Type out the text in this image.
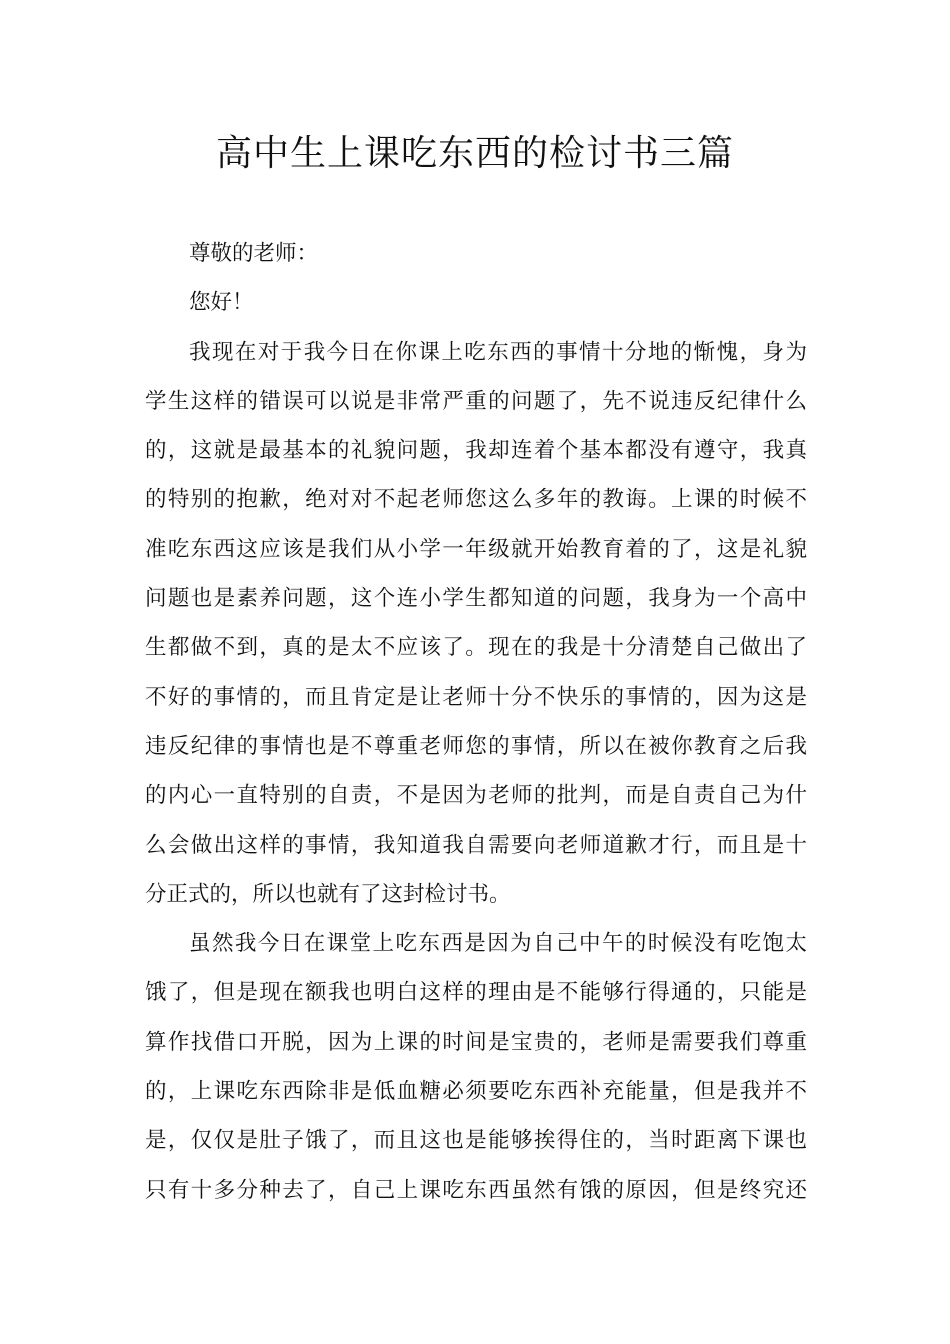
高中生上课吃东西的检讨书三篇
尊敬的老师：
您好！
我现在对于我今日在你课上吃东西的事情十分地的惭愧，身为
学生这样的错误可以说是非常严重的问题了，先不说违反纪律什么
的，这就是最基本的礼貌问题，我却连着个基本都没有遵守，我真
的特别的抱歉，绝对对不起老师您这么多年的教诲。上课的时候不
准吃东西这应该是我们从小学一年级就开始教育着的了，这是礼貌
问题也是素养问题，这个连小学生都知道的问题，我身为一个高中
生都做不到，真的是太不应该了。现在的我是十分清楚自己做出了
不好的事情的，而且肯定是让老师十分不快乐的事情的，因为这是
违反纪律的事情也是不尊重老师您的事情，所以在被你教育之后我
的内心一直特别的自责，不是因为老师的批判，而是自责自己为什
么会做出这样的事情，我知道我自需要向老师道歉才行，而且是十
分正式的，所以也就有了这封检讨书。
虽然我今日在课堂上吃东西是因为自己中午的时候没有吃饱太
饿了，但是现在额我也明白这样的理由是不能够行得通的，只能是
算作找借口开脱，因为上课的时间是宝贵的，老师是需要我们尊重
的，上课吃东西除非是低血糖必须要吃东西补充能量，但是我并不
是，仅仅是肚子饿了，而且这也是能够挨得住的，当时距离下课也
只有十多分种去了，自己上课吃东西虽然有饿的原因，但是终究还
